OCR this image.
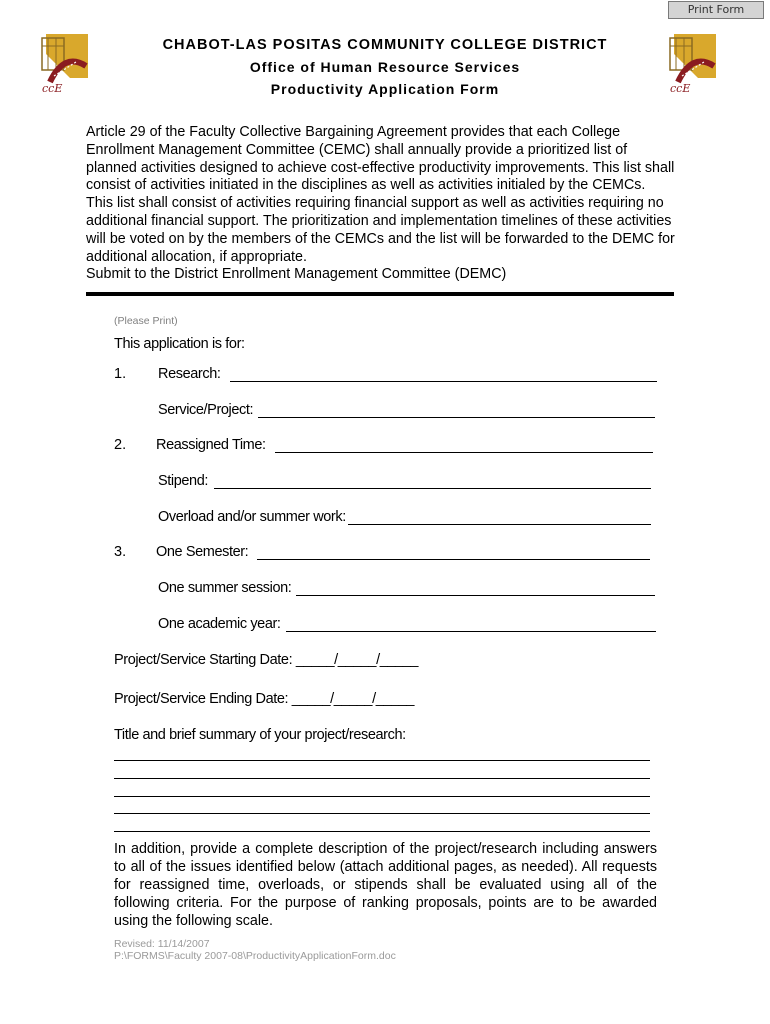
Print Form
ccE	ccE
CHABOT-LAS POSITAS COMMUNITY COLLEGE DISTRICT
Office of Human Resource Services
Productivity Application Form

Article 29 of the Faculty Collective Bargaining Agreement provides that each College Enrollment Management Committee (CEMC) shall annually provide a prioritized list of planned activities designed to achieve cost-effective productivity improvements. This list shall consist of activities initiated in the disciplines as well as activities initialed by the CEMCs. This list shall consist of activities requiring financial support as well as activities requiring no additional financial support. The prioritization and implementation timelines of these activities will be voted on by the members of the CEMCs and the list will be forwarded to the DEMC for additional allocation, if appropriate.

Submit to the District Enrollment Management Committee (DEMC)

(Please Print)
This application is for:
1. Research:
Service/Project:
2. Reassigned Time:
Stipend:
Overload and/or summer work:
3. One Semester:
One summer session:
One academic year:
Project/Service Starting Date: _____/_____/_____
Project/Service Ending Date: _____/_____/_____
Title and brief summary of your project/research:

In addition, provide a complete description of the project/research including answers to all of the issues identified below (attach additional pages, as needed). All requests for reassigned time, overloads, or stipends shall be evaluated using all of the following criteria. For the purpose of ranking proposals, points are to be awarded using the following scale.

Revised: 11/14/2007
P:\FORMS\Faculty 2007-08\ProductivityApplicationForm.doc
